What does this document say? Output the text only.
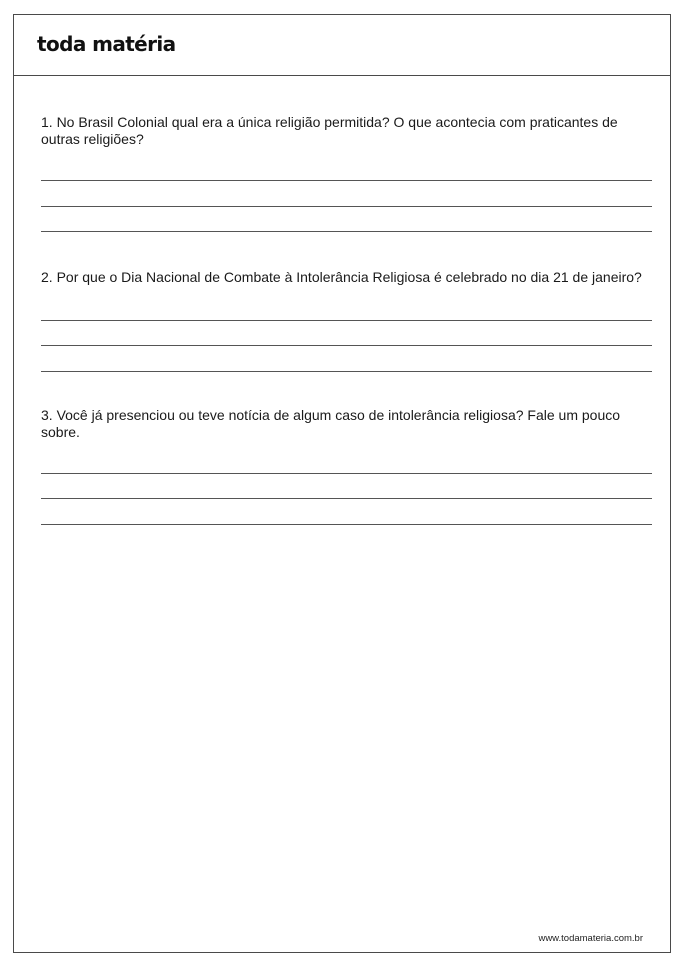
toda matéria
1. No Brasil Colonial qual era a única religião permitida? O que acontecia com praticantes de outras religiões?
2. Por que o Dia Nacional de Combate à Intolerância Religiosa é celebrado no dia 21 de janeiro?
3. Você já presenciou ou teve notícia de algum caso de intolerância religiosa? Fale um pouco sobre.
www.todamateria.com.br
